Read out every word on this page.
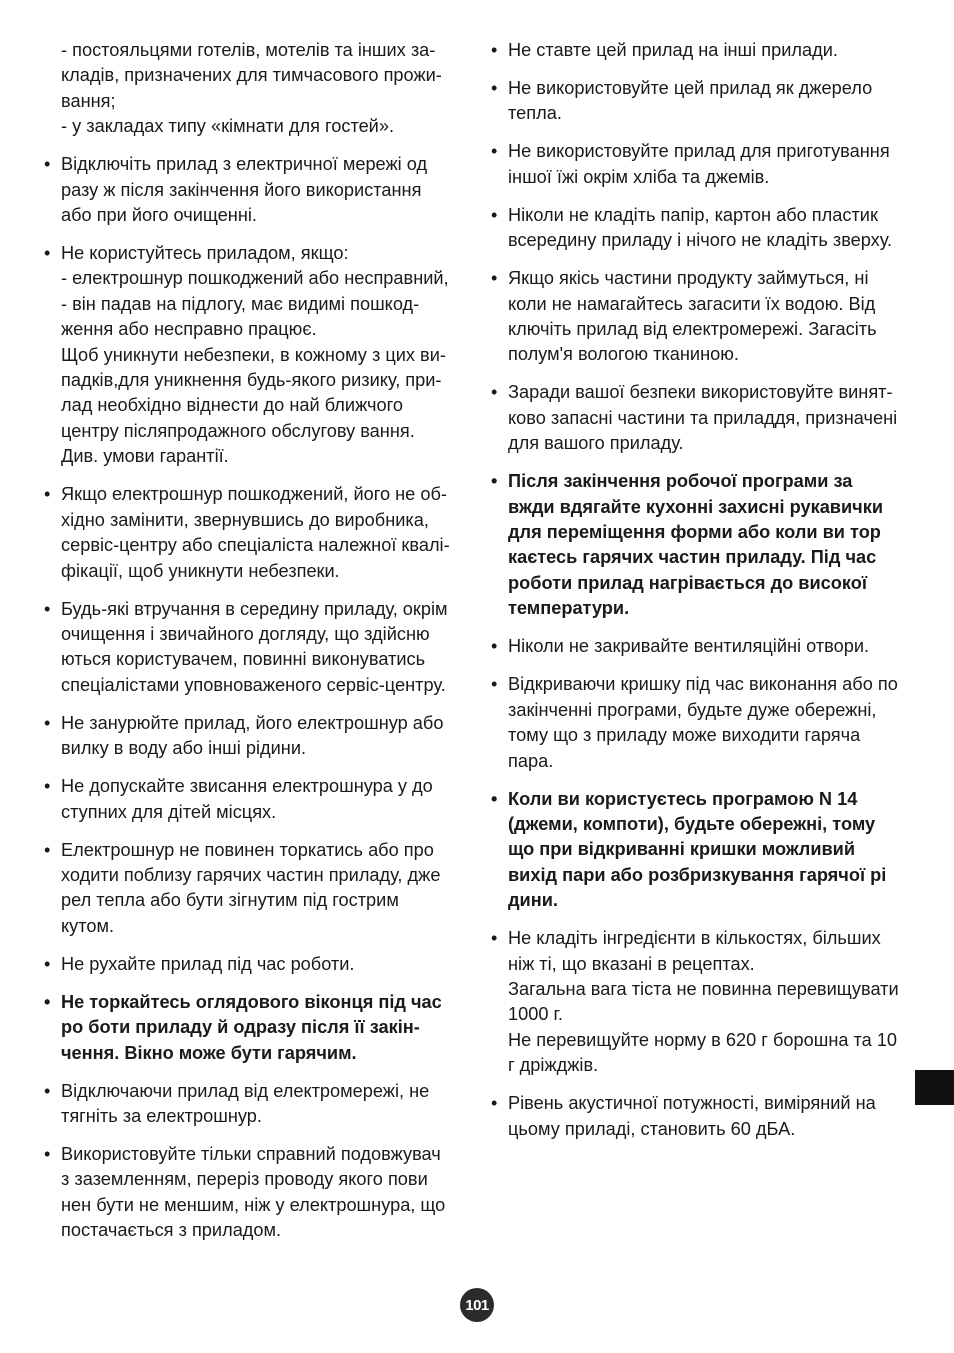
- постояльцями готелів, мотелів та інших за-

кладів, призначених для тимчасового прожи-

вання;

- у закладах типу «кімнати для гостей».

• Відключіть прилад з електричної мережі од

разу ж після закінчення його використання

або при його очищенні.

• Не користуйтесь приладом, якщо:

- електрошнур пошкоджений або несправний,

- він падав на підлогу, має видимі пошкод-

ження або несправно працює.

Щоб уникнути небезпеки, в кожному з цих ви-

падків,для уникнення будь-якого ризику, при-

лад необхідно віднести до най ближчого

центру післяпродажного обслугову вання.

Див. умови гарантії.

• Якщо електрошнур пошкоджений, його не об-

хідно замінити, звернувшись до виробника,

сервіс-центру або спеціаліста належної квалі-

фікації, щоб уникнути небезпеки.

• Будь-які втручання в середину приладу, окрім

очищення і звичайного догляду, що здійсню

ються користувачем, повинні виконуватись

спеціалістами уповноваженого сервіс-центру.

• Не занурюйте прилад, його електрошнур або

вилку в воду або інші рідини.

• Не допускайте звисання електрошнура у до

ступних для дітей місцях.

• Електрошнур не повинен торкатись або про

ходити поблизу гарячих частин приладу, дже

рел тепла або бути зігнутим під гострим

кутом.

• Не рухайте прилад під час роботи.

• Не торкайтесь оглядового віконця під час

ро боти приладу й одразу після її закін-

чення. Вікно може бути гарячим.

• Відключаючи прилад від електромережі, не

тягніть за електрошнур.

• Використовуйте тільки справний подовжувач

з заземленням, переріз проводу якого пови

нен бути не меншим, ніж у електрошнура, що

постачається з приладом.

• Не ставте цей прилад на інші прилади.

• Не використовуйте цей прилад як джерело

тепла.

• Не використовуйте прилад для приготування

іншої їжі окрім хліба та джемів.

• Ніколи не кладіть папір, картон або пластик

всередину приладу і нічого не кладіть зверху.

• Якщо якісь частини продукту займуться, ні

коли не намагайтесь загасити їх водою. Від

ключіть прилад від електромережі. Загасіть

полум'я вологою тканиною.

• Заради вашої безпеки використовуйте винят-

ково запасні частини та приладдя, призначені

для вашого приладу.

• Після закінчення робочої програми за

вжди вдягайте кухонні захисні рукавички

для переміщення форми або коли ви тор

каєтесь гарячих частин приладу. Під час

роботи прилад нагрівається до високої

температури.

• Ніколи не закривайте вентиляційні отвори.

• Відкриваючи кришку під час виконання або по

закінченні програми, будьте дуже обережні,

тому що з приладу може виходити гаряча

пара.

• Коли ви користуєтесь програмою N 14

(джеми, компоти), будьте обережні, тому

що при відкриванні кришки можливий

вихід пари або розбризкування гарячої рі

дини.

• Не кладіть інгредієнти в кількостях, більших

ніж ті, що вказані в рецептах.

Загальна вага тіста не повинна перевищувати

1000 г.

Не перевищуйте норму в 620 г борошна та 10

г дріжджів.

• Рівень акустичної потужності, виміряний на

цьому приладі, становить 60 дБА.

101
